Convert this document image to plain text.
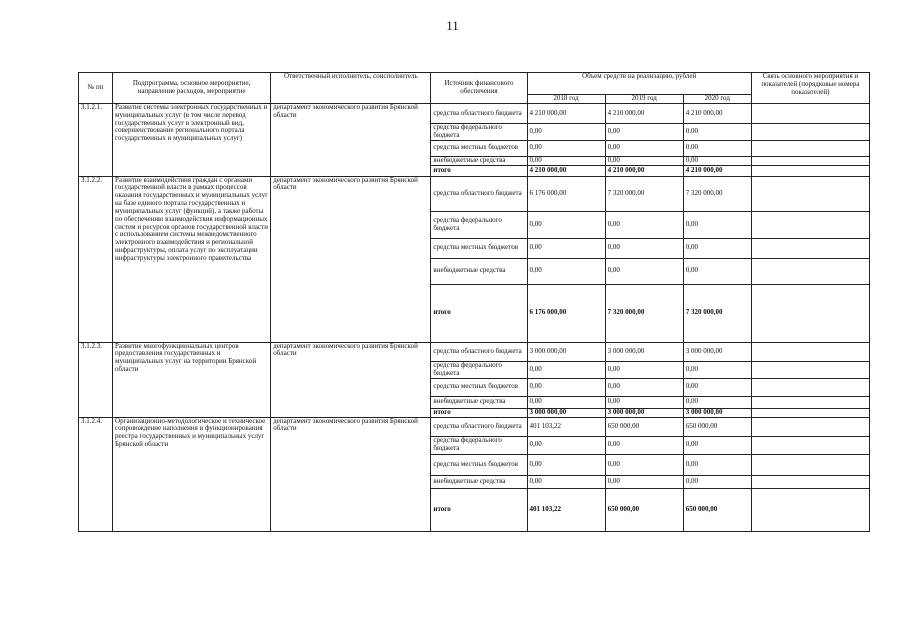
11
№ пп	Подпрограмма, основное мероприятие, направление расходов, мероприятие	Ответственный исполнитель, соисполнитель	Источник финансового обеспечения	Объем средств на реализацию, рублей			Связь основного мероприятия и показателей (порядковые номера показателей)
				2018 год	2019 год	2020 год	
3.1.2.1.	Развитие системы электронных государственных и муниципальных услуг (в том числе перевод государственных услуг в электронный вид, совершенствование регионального портала государственных и муниципальных услуг)	департамент экономического развития Брянской области	средства областного бюджета	4 210 000,00	4 210 000,00	4 210 000,00	
			средства федерального бюджета	0,00	0,00	0,00	
			средства местных бюджетов	0,00	0,00	0,00	
			внебюджетные средства	0,00	0,00	0,00	
			итого	4 210 000,00	4 210 000,00	4 210 000,00	
3.1.2.2.	Развитие взаимодействия граждан с органами государственной власти в рамках процессов оказания государственных и муниципальных услуг на базе единого портала государственных и муниципальных услуг (функций), а также работы по обеспечению взаимодействия информационных систем и ресурсов органов государственной власти с использованием системы межведомственного электронного взаимодействия и региональной инфраструктуры, оплата услуг по эксплуатации инфраструктуры электронного правительства	департамент экономического развития Брянской области	средства областного бюджета	6 176 000,00	7 320 000,00	7 320 000,00	
			средства федерального бюджета	0,00	0,00	0,00	
			средства местных бюджетов	0,00	0,00	0,00	
			внебюджетные средства	0,00	0,00	0,00	
			итого	6 176 000,00	7 320 000,00	7 320 000,00	
3.1.2.3.	Развитие многофункциональных центров предоставления государственных и муниципальных услуг на территории Брянской области	департамент экономического развития Брянской области	средства областного бюджета	3 000 000,00	3 000 000,00	3 000 000,00	
			средства федерального бюджета	0,00	0,00	0,00	
			средства местных бюджетов	0,00	0,00	0,00	
			внебюджетные средства	0,00	0,00	0,00	
			итого	3 000 000,00	3 000 000,00	3 000 000,00	
3.1.2.4.	Организационно-методологическое и техническое сопровождение наполнения и функционирования реестра государственных и муниципальных услуг Брянской области	департамент экономического развития Брянской области	средства областного бюджета	401 103,22	650 000,00	650 000,00	
			средства федерального бюджета	0,00	0,00	0,00	
			средства местных бюджетов	0,00	0,00	0,00	
			внебюджетные средства	0,00	0,00	0,00	
			итого	401 103,22	650 000,00	650 000,00	
